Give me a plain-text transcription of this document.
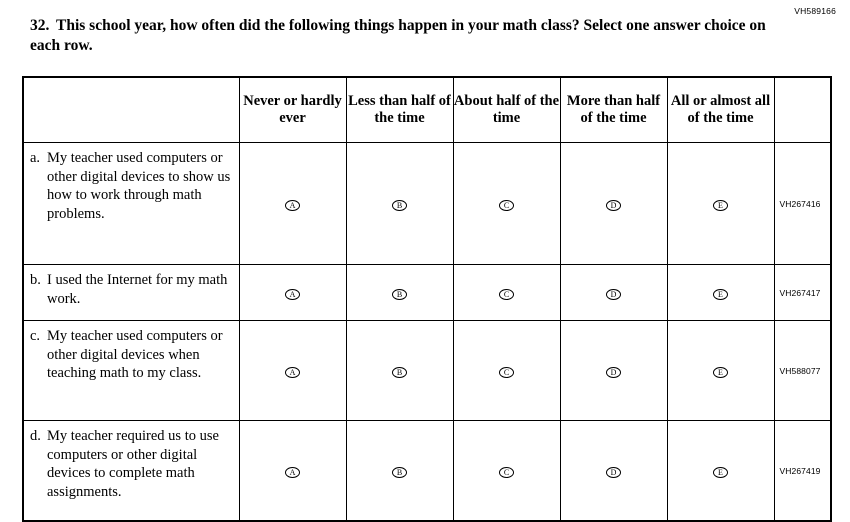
VH589166
32. This school year, how often did the following things happen in your math class? Select one answer choice on each row.
	Never or hardly ever	Less than half of the time	About half of the time	More than half of the time	All or almost all of the time	

a. My teacher used computers or other digital devices to show us how to work through math problems.	A	B	C	D	E	VH267416

b. I used the Internet for my math work.	A	B	C	D	E	VH267417

c. My teacher used computers or other digital devices when teaching math to my class.	A	B	C	D	E	VH588077

d. My teacher required us to use computers or other digital devices to complete math assignments.	A	B	C	D	E	VH267419
